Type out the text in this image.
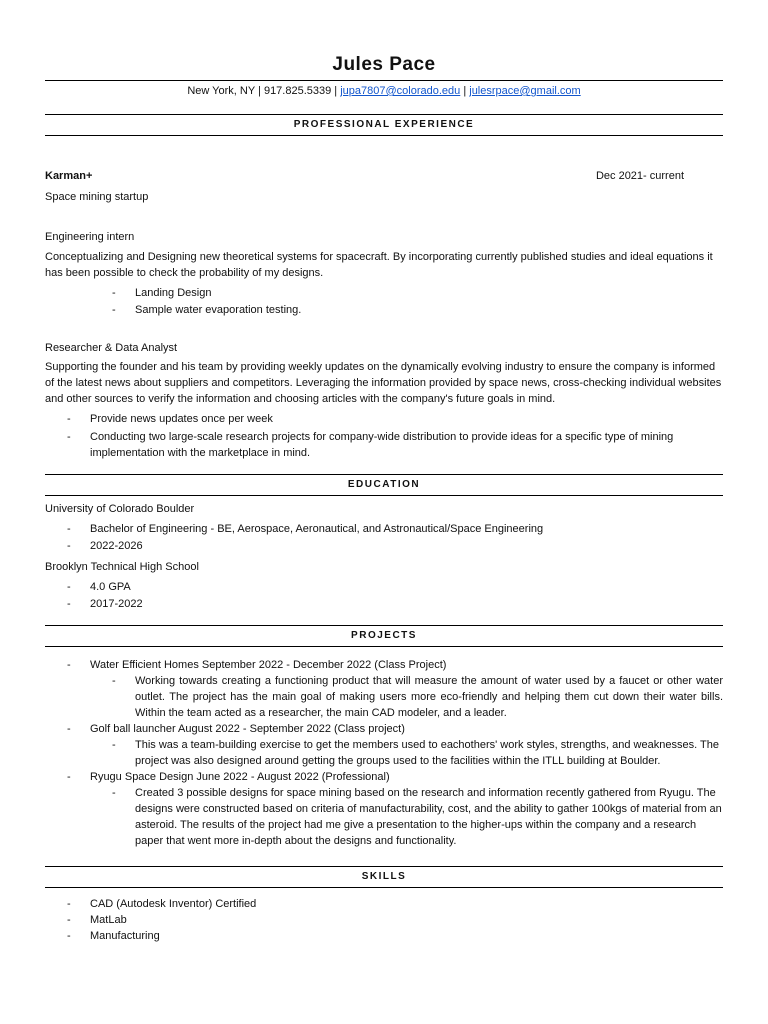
Jules Pace
New York, NY | 917.825.5339 | jupa7807@colorado.edu | julesrpace@gmail.com
PROFESSIONAL EXPERIENCE
Karman+	Dec 2021- current

Space mining startup

Engineering intern

Conceptualizing and Designing new theoretical systems for spacecraft. By incorporating currently published studies and ideal equations it has been possible to check the probability of my designs.

- Landing Design
- Sample water evaporation testing.

Researcher & Data Analyst

Supporting the founder and his team by providing weekly updates on the dynamically evolving industry to ensure the company is informed of the latest news about suppliers and competitors. Leveraging the information provided by space news, cross-checking individual websites and other sources to verify the information and choosing articles with the company's future goals in mind.

- Provide news updates once per week
- Conducting two large-scale research projects for company-wide distribution to provide ideas for a specific type of mining implementation with the marketplace in mind.
EDUCATION

University of Colorado Boulder

- Bachelor of Engineering - BE, Aerospace, Aeronautical, and Astronautical/Space Engineering
- 2022-2026

Brooklyn Technical High School

- 4.0 GPA
- 2017-2022
PROJECTS
- Water Efficient Homes September 2022 - December 2022 (Class Project)
- Working towards creating a functioning product that will measure the amount of water used by a faucet or other water outlet. The project has the main goal of making users more eco-friendly and helping them cut down their water bills. Within the team acted as a researcher, the main CAD modeler, and a leader.
- Golf ball launcher August 2022 - September 2022 (Class project)
- This was a team-building exercise to get the members used to eachothers' work styles, strengths, and weaknesses. The project was also designed around getting the groups used to the facilities within the ITLL building at Boulder.
- Ryugu Space Design June 2022 - August 2022 (Professional)
- Created 3 possible designs for space mining based on the research and information recently gathered from Ryugu. The designs were constructed based on criteria of manufacturability, cost, and the ability to gather 100kgs of material from an asteroid. The results of the project had me give a presentation to the higher-ups within the company and a research paper that went more in-depth about the designs and functionality.
SKILLS
- CAD (Autodesk Inventor) Certified
- MatLab
- Manufacturing
